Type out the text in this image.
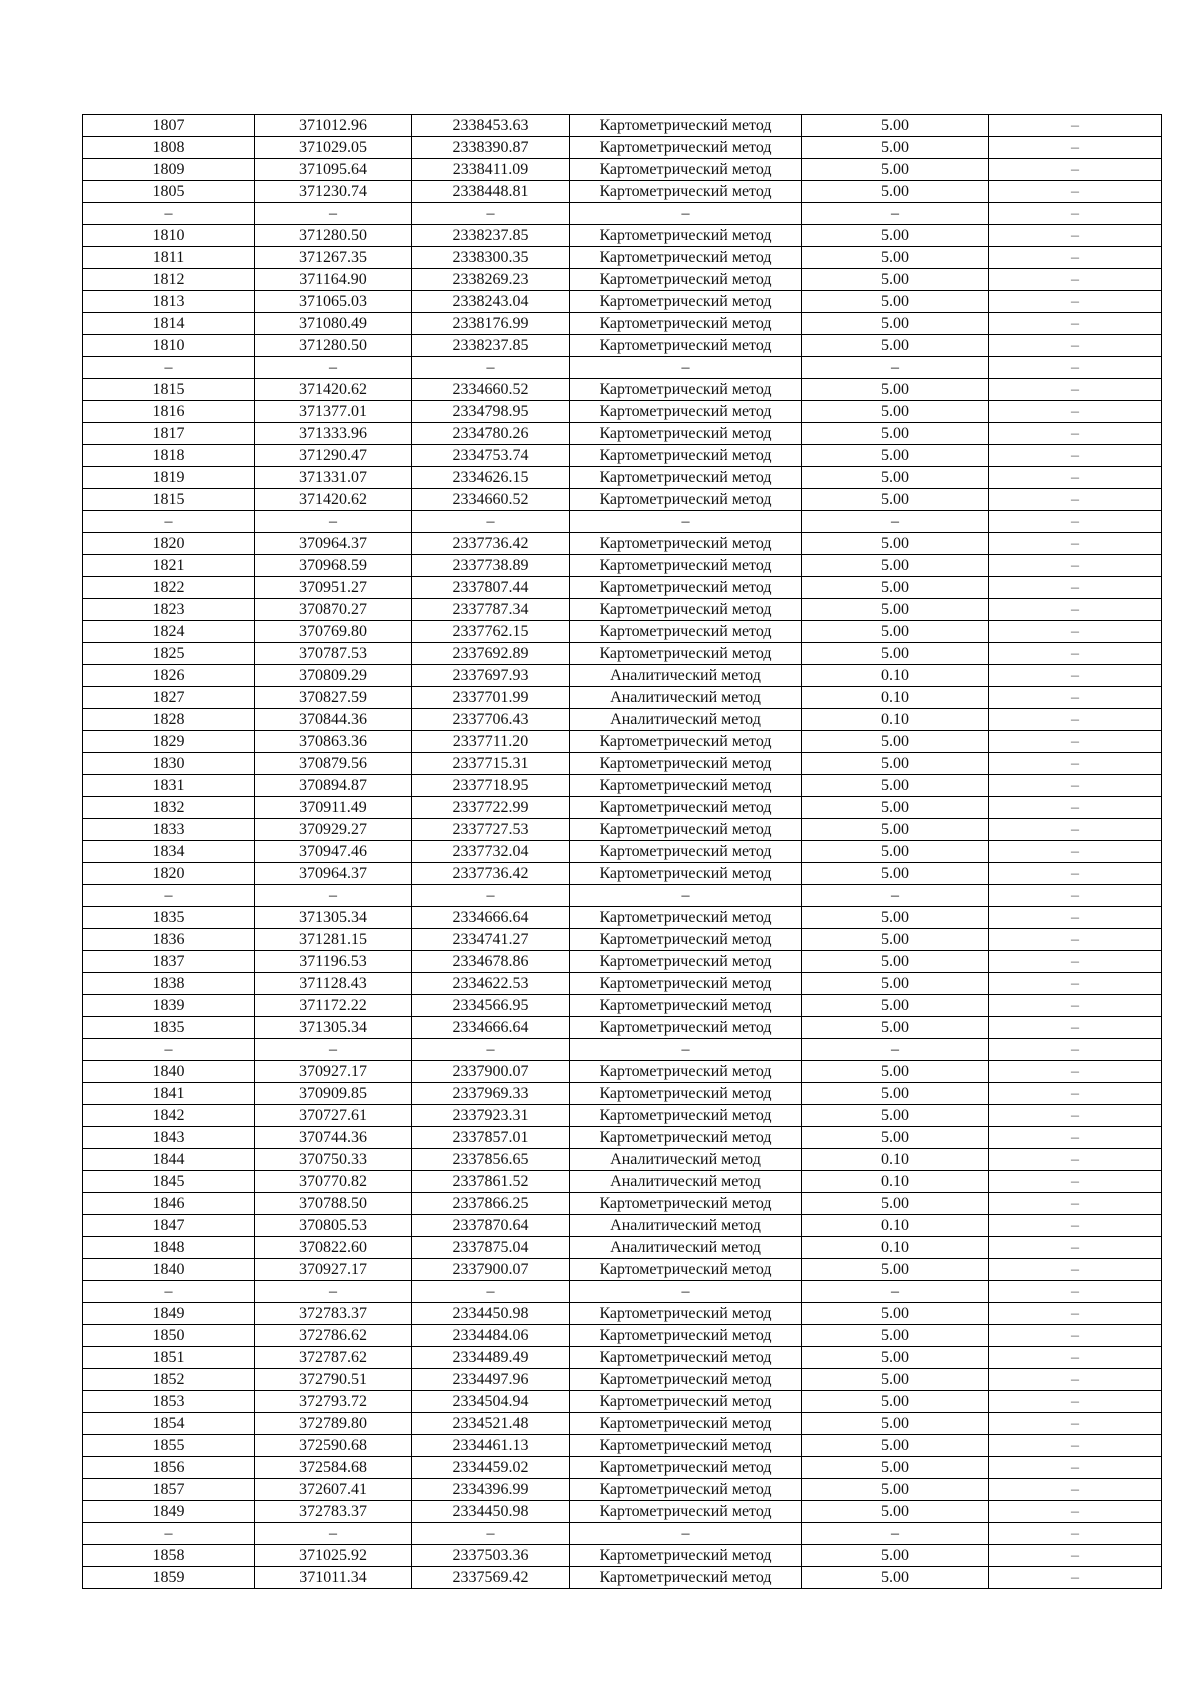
1807	371012.96	2338453.63	Картометрический метод	5.00	–
1808	371029.05	2338390.87	Картометрический метод	5.00	–
1809	371095.64	2338411.09	Картометрический метод	5.00	–
1805	371230.74	2338448.81	Картометрический метод	5.00	–
–	–	–	–	–	–
1810	371280.50	2338237.85	Картометрический метод	5.00	–
1811	371267.35	2338300.35	Картометрический метод	5.00	–
1812	371164.90	2338269.23	Картометрический метод	5.00	–
1813	371065.03	2338243.04	Картометрический метод	5.00	–
1814	371080.49	2338176.99	Картометрический метод	5.00	–
1810	371280.50	2338237.85	Картометрический метод	5.00	–
–	–	–	–	–	–
1815	371420.62	2334660.52	Картометрический метод	5.00	–
1816	371377.01	2334798.95	Картометрический метод	5.00	–
1817	371333.96	2334780.26	Картометрический метод	5.00	–
1818	371290.47	2334753.74	Картометрический метод	5.00	–
1819	371331.07	2334626.15	Картометрический метод	5.00	–
1815	371420.62	2334660.52	Картометрический метод	5.00	–
–	–	–	–	–	–
1820	370964.37	2337736.42	Картометрический метод	5.00	–
1821	370968.59	2337738.89	Картометрический метод	5.00	–
1822	370951.27	2337807.44	Картометрический метод	5.00	–
1823	370870.27	2337787.34	Картометрический метод	5.00	–
1824	370769.80	2337762.15	Картометрический метод	5.00	–
1825	370787.53	2337692.89	Картометрический метод	5.00	–
1826	370809.29	2337697.93	Аналитический метод	0.10	–
1827	370827.59	2337701.99	Аналитический метод	0.10	–
1828	370844.36	2337706.43	Аналитический метод	0.10	–
1829	370863.36	2337711.20	Картометрический метод	5.00	–
1830	370879.56	2337715.31	Картометрический метод	5.00	–
1831	370894.87	2337718.95	Картометрический метод	5.00	–
1832	370911.49	2337722.99	Картометрический метод	5.00	–
1833	370929.27	2337727.53	Картометрический метод	5.00	–
1834	370947.46	2337732.04	Картометрический метод	5.00	–
1820	370964.37	2337736.42	Картометрический метод	5.00	–
–	–	–	–	–	–
1835	371305.34	2334666.64	Картометрический метод	5.00	–
1836	371281.15	2334741.27	Картометрический метод	5.00	–
1837	371196.53	2334678.86	Картометрический метод	5.00	–
1838	371128.43	2334622.53	Картометрический метод	5.00	–
1839	371172.22	2334566.95	Картометрический метод	5.00	–
1835	371305.34	2334666.64	Картометрический метод	5.00	–
–	–	–	–	–	–
1840	370927.17	2337900.07	Картометрический метод	5.00	–
1841	370909.85	2337969.33	Картометрический метод	5.00	–
1842	370727.61	2337923.31	Картометрический метод	5.00	–
1843	370744.36	2337857.01	Картометрический метод	5.00	–
1844	370750.33	2337856.65	Аналитический метод	0.10	–
1845	370770.82	2337861.52	Аналитический метод	0.10	–
1846	370788.50	2337866.25	Картометрический метод	5.00	–
1847	370805.53	2337870.64	Аналитический метод	0.10	–
1848	370822.60	2337875.04	Аналитический метод	0.10	–
1840	370927.17	2337900.07	Картометрический метод	5.00	–
–	–	–	–	–	–
1849	372783.37	2334450.98	Картометрический метод	5.00	–
1850	372786.62	2334484.06	Картометрический метод	5.00	–
1851	372787.62	2334489.49	Картометрический метод	5.00	–
1852	372790.51	2334497.96	Картометрический метод	5.00	–
1853	372793.72	2334504.94	Картометрический метод	5.00	–
1854	372789.80	2334521.48	Картометрический метод	5.00	–
1855	372590.68	2334461.13	Картометрический метод	5.00	–
1856	372584.68	2334459.02	Картометрический метод	5.00	–
1857	372607.41	2334396.99	Картометрический метод	5.00	–
1849	372783.37	2334450.98	Картометрический метод	5.00	–
–	–	–	–	–	–
1858	371025.92	2337503.36	Картометрический метод	5.00	–
1859	371011.34	2337569.42	Картометрический метод	5.00	–
